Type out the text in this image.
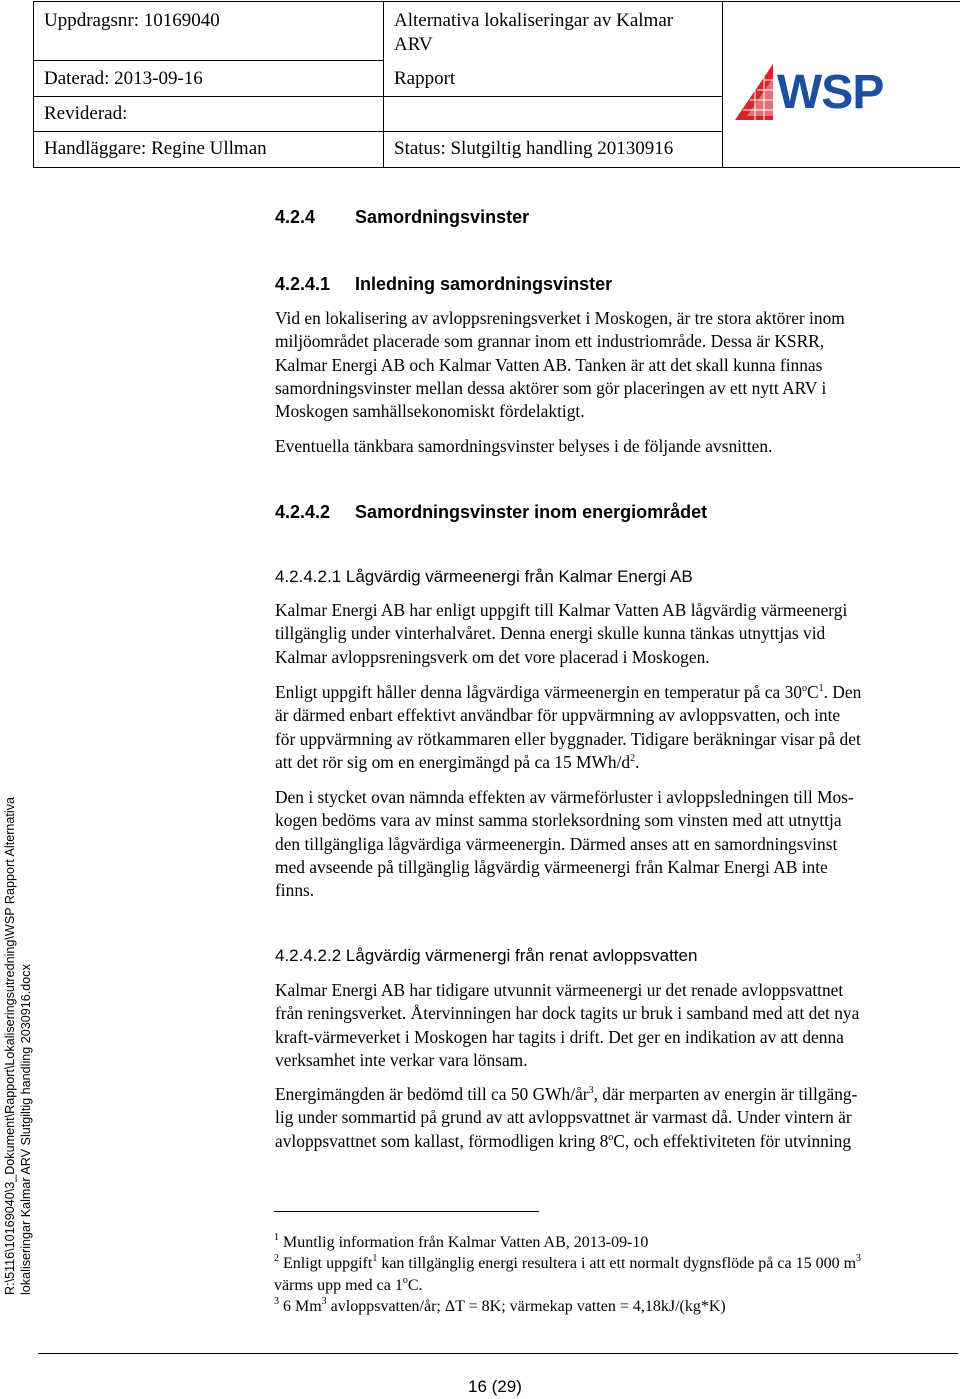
Uppdragsnr: 10169040	Alternativa lokaliseringar av Kalmar
ARV
Daterad: 2013-09-16	Rapport
Reviderad:
Handläggare: Regine Ullman	Status: Slutgiltig handling 20130916
WSP
4.2.4 Samordningsvinster
4.2.4.1 Inledning samordningsvinster
Vid en lokalisering av avloppsreningsverket i Moskogen, är tre stora aktörer inom
miljöområdet placerade som grannar inom ett industriområde. Dessa är KSRR,
Kalmar Energi AB och Kalmar Vatten AB. Tanken är att det skall kunna finnas
samordningsvinster mellan dessa aktörer som gör placeringen av ett nytt ARV i
Moskogen samhällsekonomiskt fördelaktigt.
Eventuella tänkbara samordningsvinster belyses i de följande avsnitten.
4.2.4.2 Samordningsvinster inom energiområdet
4.2.4.2.1 Lågvärdig värmeenergi från Kalmar Energi AB
Kalmar Energi AB har enligt uppgift till Kalmar Vatten AB lågvärdig värmeenergi
tillgänglig under vinterhalvåret. Denna energi skulle kunna tänkas utnyttjas vid
Kalmar avloppsreningsverk om det vore placerad i Moskogen.
Enligt uppgift håller denna lågvärdiga värmeenergin en temperatur på ca $30^oC^1$. Den
är därmed enbart effektivt användbar för uppvärmning av avloppsvatten, och inte
för uppvärmning av rötkammaren eller byggnader. Tidigare beräkningar visar på det
att det rör sig om en energimängd på ca 15 MWh/$d^2$.
Den i stycket ovan nämnda effekten av värmeförluster i avloppsledningen till Mos-
kogen bedöms vara av minst samma storleksordning som vinsten med att utnyttja
den tillgängliga lågvärdiga värmeenergin. Därmed anses att en samordningsvinst
med avseende på tillgänglig lågvärdig värmeenergi från Kalmar Energi AB inte
finns.
4.2.4.2.2 Lågvärdig värmenergi från renat avloppsvatten
Kalmar Energi AB har tidigare utvunnit värmeenergi ur det renade avloppsvattnet
från reningsverket. Återvinningen har dock tagits ur bruk i samband med att det nya
kraft-värmeverket i Moskogen har tagits i drift. Det ger en indikation av att denna
verksamhet inte verkar vara lönsam.
Energimängden är bedömd till ca 50 GWh/$år^3$, där merparten av energin är tillgäng-
lig under sommartid på grund av att avloppsvattnet är varmast då. Under vintern är
avloppsvattnet som kallast, förmodligen kring 8$^o$C, och effektiviteten för utvinning
$^1$ Muntlig information från Kalmar Vatten AB, 2013-09-10
$^2$ Enligt uppgift$^1$ kan tillgänglig energi resultera i att ett normalt dygnsflöde på ca 15 000 $m^3$
värms upp med ca 1$^o$C.
$^3$ 6 Mm$^3$ avloppsvatten/år; ΔT = 8K; värmekap vatten = 4,18kJ/(kg*K)
R:\5116\10169040\3_Dokument\Rapport\Lokaliseringsutredning\WSP Rapport Alternativa lokaliseringar Kalmar ARV Slutgiltig handling 2030916.docx
16 (29)
